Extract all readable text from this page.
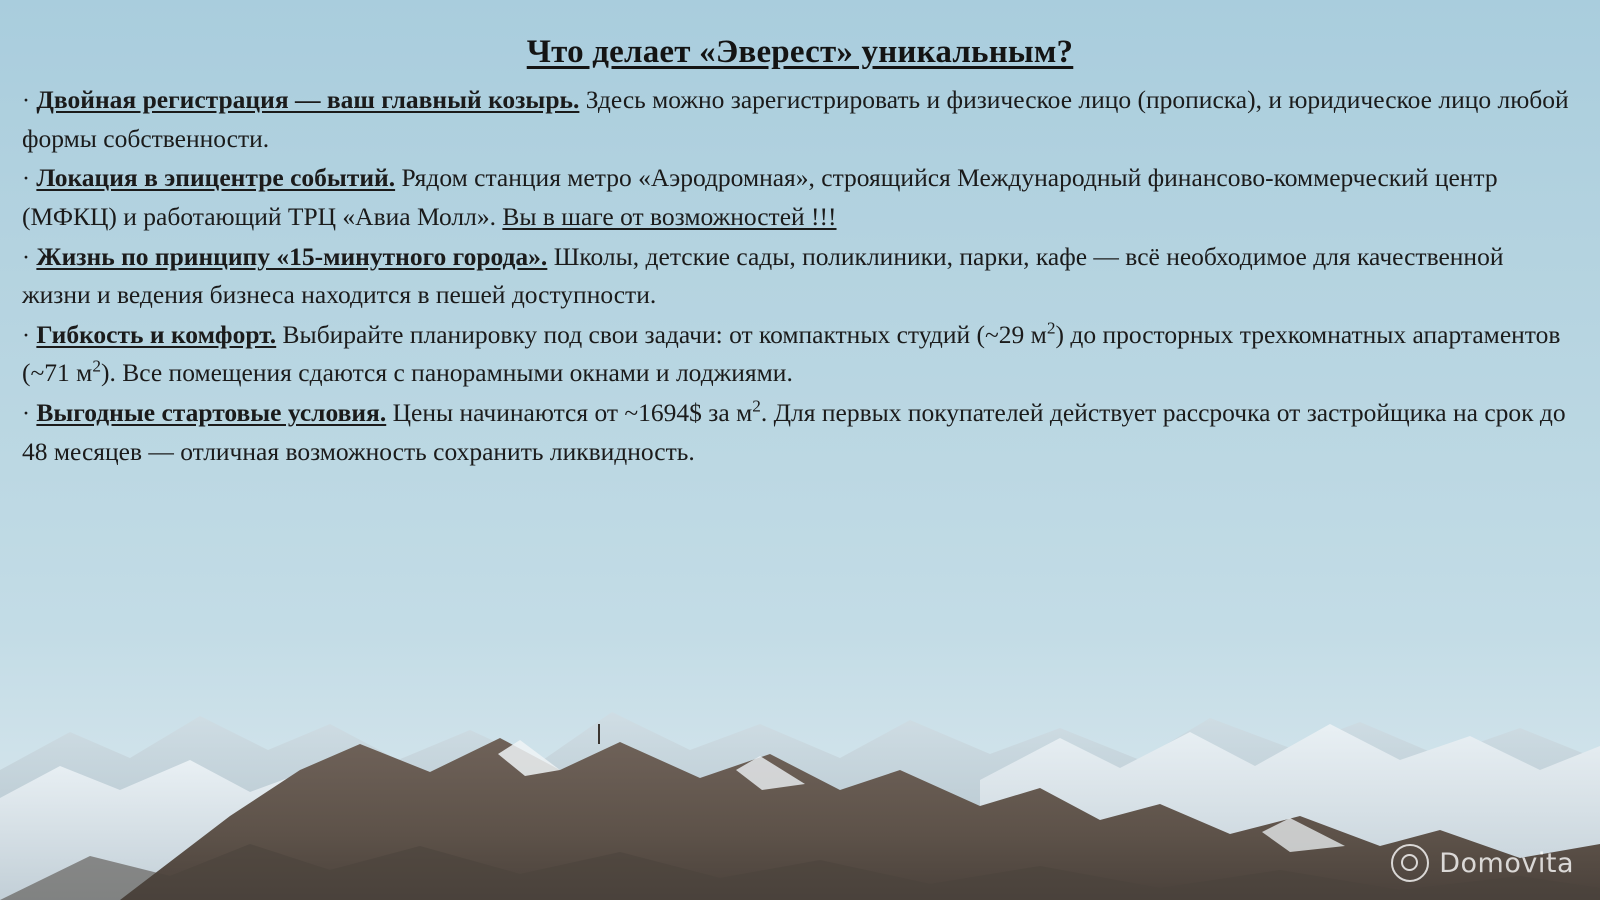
Что делает «Эверест» уникальным?

· Двойная регистрация — ваш главный козырь. Здесь можно зарегистрировать и физическое лицо (прописка), и юридическое лицо любой формы собственности.

· Локация в эпицентре событий. Рядом станция метро «Аэродромная», строящийся Международный финансово-коммерческий центр (МФКЦ) и работающий ТРЦ «Авиа Молл». Вы в шаге от возможностей !!!

· Жизнь по принципу «15-минутного города». Школы, детские сады, поликлиники, парки, кафе — всё необходимое для качественной жизни и ведения бизнеса находится в пешей доступности.

· Гибкость и комфорт. Выбирайте планировку под свои задачи: от компактных студий (~29 $м^2$) до просторных трехкомнатных апартаментов (~71 $м^2$). Все помещения сдаются с панорамными окнами и лоджиями.

· Выгодные стартовые условия. Цены начинаются от ~1694$ за $м^2$. Для первых покупателей действует рассрочка от застройщика на срок до 48 месяцев — отличная возможность сохранить ликвидность.

Domovita
